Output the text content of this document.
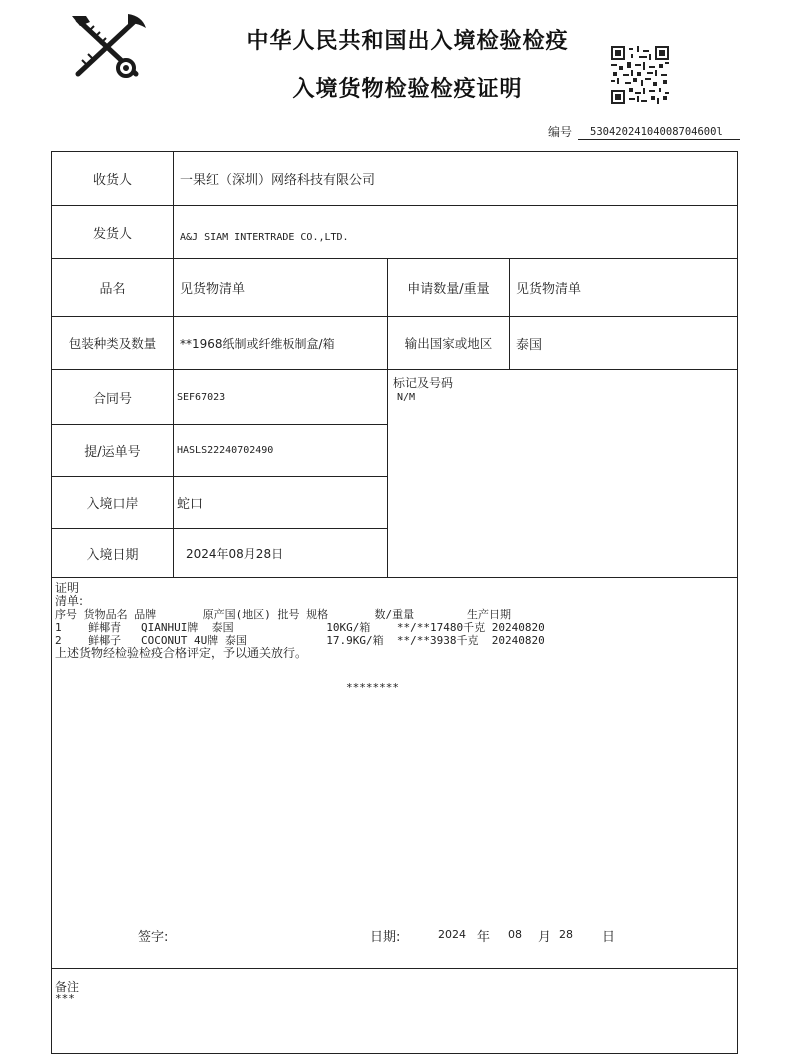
中华人民共和国出入境检验检疫
入境货物检验检疫证明
编号	53042024104008704600l
收货人	一果红（深圳）网络科技有限公司
发货人	A&J SIAM INTERTRADE CO.,LTD.
品名	见货物清单	申请数量/重量	见货物清单
包装种类及数量	**1968纸制或纤维板制盒/箱	输出国家或地区	泰国
合同号	SEF67023
标记及号码
N/M
提/运单号	HASLS22240702490
入境口岸	蛇口
入境日期	2024年08月28日
证明
清单:
序号 货物品名 品牌       原产国(地区) 批号 规格       数/重量        生产日期
1    鲜椰青   QIANHUI牌  泰国              10KG/箱    **/**17480千克 20240820
2    鲜椰子   COCONUT 4U牌 泰国            17.9KG/箱  **/**3938千克  20240820
上述货物经检验检疫合格评定，予以通关放行。
********
签字:	日期:	2024 年 08 月 28 日
备注
***
